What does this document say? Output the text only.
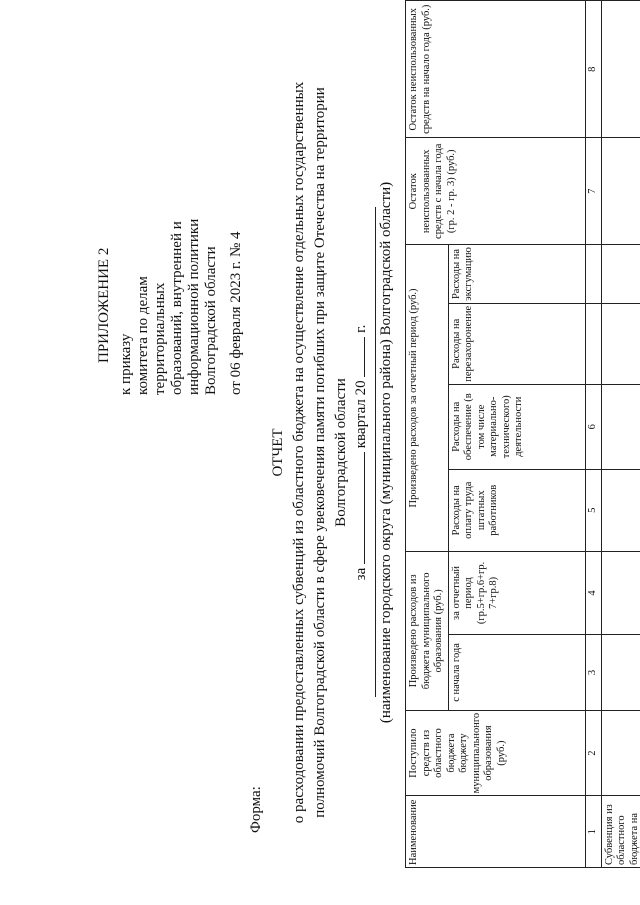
ПРИЛОЖЕНИЕ 2
к приказу комитета по делам территориальных образований, внутренней и информационной политики Волгоградской области от 06 февраля 2023 г. № 4
Форма:
ОТЧЕТ о расходовании предоставленных субвенций из областного бюджета на осуществление отдельных государственных полномочий Волгоградской области в сфере увековечения памяти погибших при защите Отечества на территории Волгоградской области
за  квартал 20  г. (наименование городского округа (муниципального района) Волгоградской области)
Наименование	Поступило средств из областного бюджета бюджету муниципальнонго образования (руб.)	Произведено расходов из бюджета муниципального образования (руб.)		Произведено расходов за отчетный период (руб.)				Остаток неиспользованных средств с начала года (гр. 2 - гр. 3) (руб.)	Остаток неиспользованных средств на начало года (руб.)
		с начала года	за отчетный период (гр.5+гр.6+гр. 7+гр.8)	Расходы на оплату труда штатных работников	Расходы на обеспечение (в том числе материально-технического) деятельности	Расходы на перезахоронение	Расходы на эксгумацию		
1	2	3	4	5	6			7	8
Субвенция из областного бюджета на									
